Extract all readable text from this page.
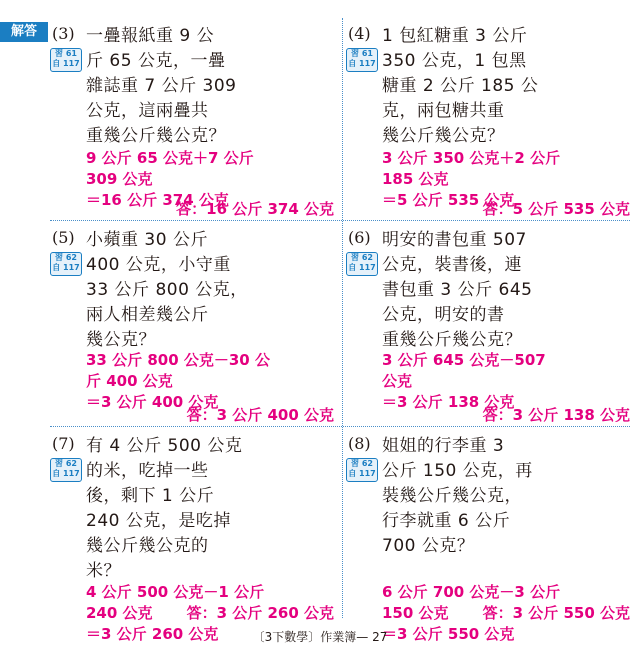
解答 (3)
習 61 自 117
一疊報紙重 9 公
斤 65 公克，一疊
雜誌重 7 公斤 309
公克，這兩疊共
重幾公斤幾公克？
9 公斤 65 公克＋7 公斤
309 公克
＝16 公斤 374 公克
答：16 公斤 374 公克
(4)
習 61 自 117
1 包紅糖重 3 公斤
350 公克，1 包黑
糖重 2 公斤 185 公
克，兩包糖共重
幾公斤幾公克？
3 公斤 350 公克＋2 公斤
185 公克
＝5 公斤 535 公克
答：5 公斤 535 公克
(5)
習 62 自 117
小蘋重 30 公斤
400 公克，小守重
33 公斤 800 公克，
兩人相差幾公斤
幾公克？
33 公斤 800 公克－30 公
斤 400 公克
＝3 公斤 400 公克
答：3 公斤 400 公克
(6)
習 62 自 117
明安的書包重 507
公克，裝書後，連
書包重 3 公斤 645
公克，明安的書
重幾公斤幾公克？
3 公斤 645 公克－507
公克
＝3 公斤 138 公克
答：3 公斤 138 公克
(7)
習 62 自 117
有 4 公斤 500 公克
的米，吃掉一些
後，剩下 1 公斤
240 公克，是吃掉
幾公斤幾公克的
米？
4 公斤 500 公克－1 公斤
240 公克
＝3 公斤 260 公克
答：3 公斤 260 公克
(8)
習 62 自 117
姐姐的行李重 3
公斤 150 公克，再
裝幾公斤幾公克，
行李就重 6 公斤
700 公克？
6 公斤 700 公克－3 公斤
150 公克
＝3 公斤 550 公克
答：3 公斤 550 公克
〔3下數學〕作業簿— 27
